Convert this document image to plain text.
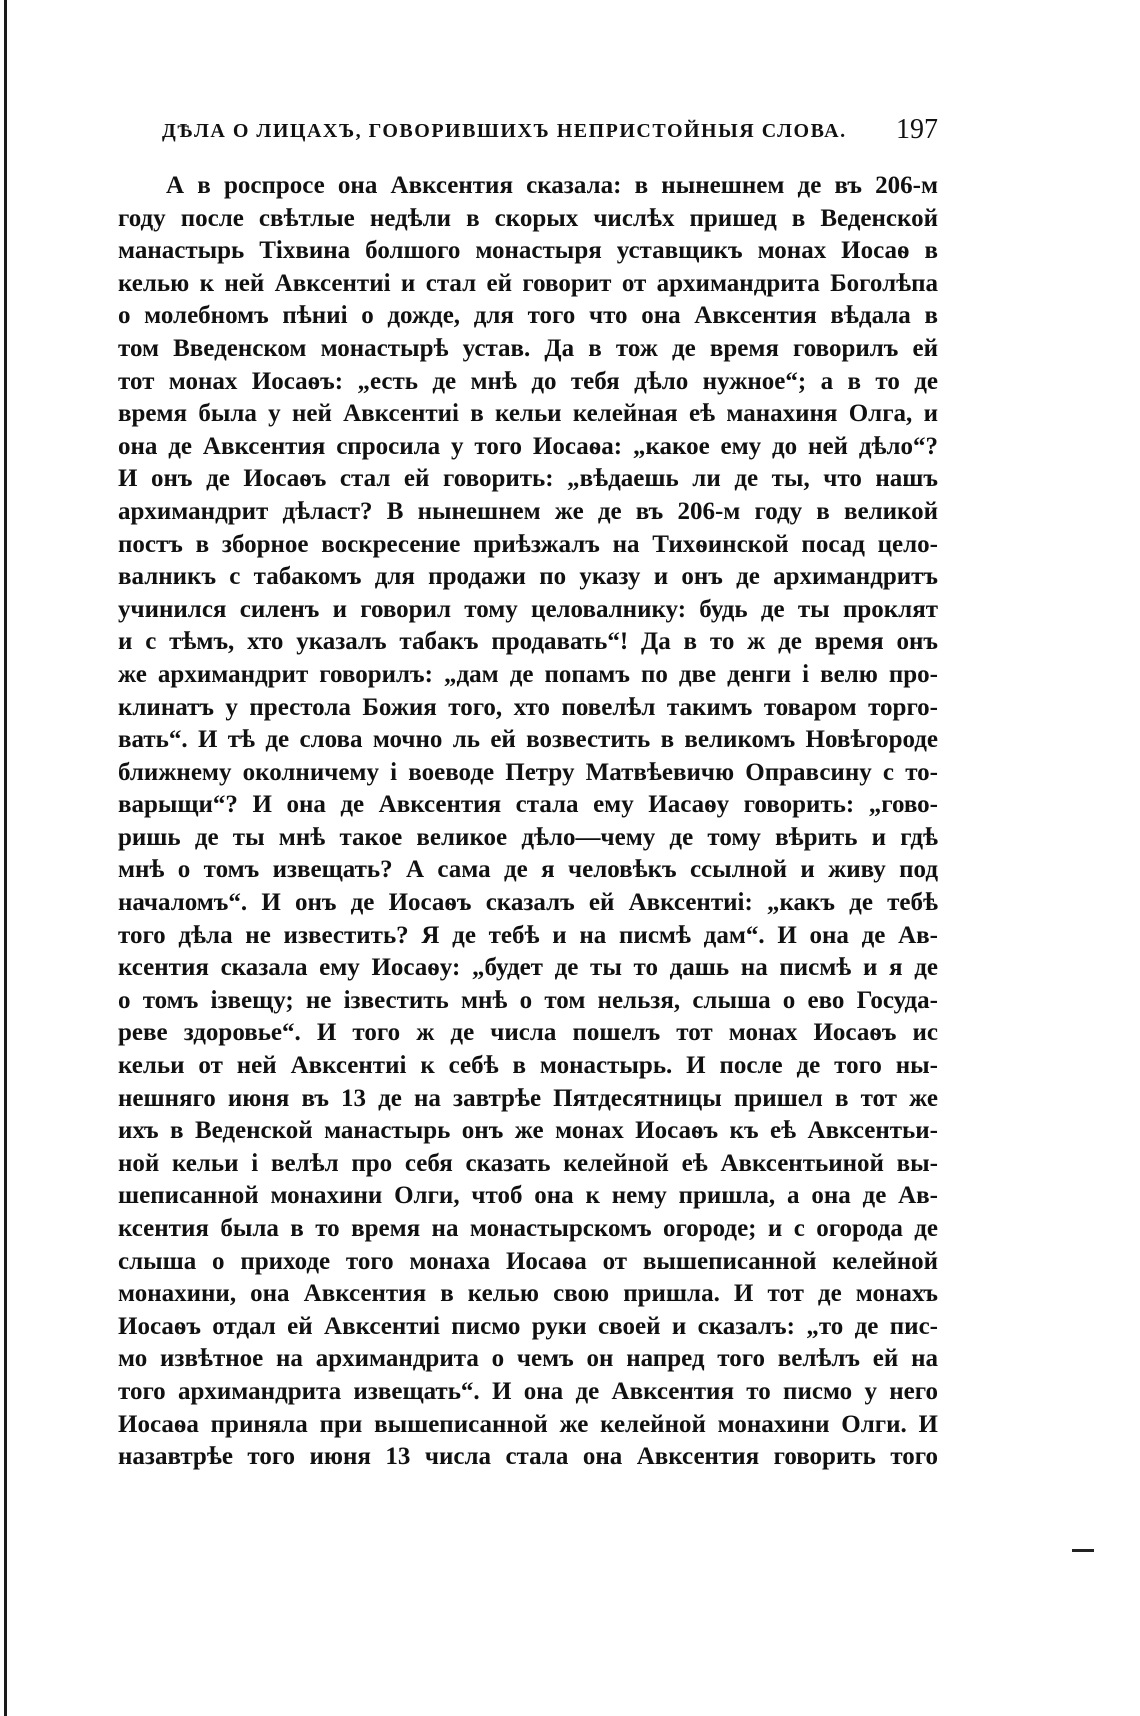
ДѢЛА О ЛИЦАХЪ, ГОВОРИВШИХЪ НЕПРИСТОЙНЫЯ СЛОВА. 197
А в роспросе она Авксентия сказала: в нынешнем де въ 206-м
году после свѣтлые недѣли в скорых числѣх пришед в Веденской
манастырь Тіхвина болшого монастыря уставщикъ монах Иосаѳ в
келью к ней Авксентиі и стал ей говорит от архимандрита Боголѣпа
о молебномъ пѣниі о дожде, для того что она Авксентия вѣдала в
том Введенском монастырѣ устав. Да в тож де время говорилъ ей
тот монах Иосаѳъ: „есть де мнѣ до тебя дѣло нужное“; а в то де
время была у ней Авксентиі в кельи келейная еѣ манахиня Олга, и
она де Авксентия спросила у того Иосаѳа: „какое ему до ней дѣло“?
И онъ де Иосаѳъ стал ей говорить: „вѣдаешь ли де ты, что нашъ
архимандрит дѣласт? В нынешнем же де въ 206-м году в великой
постъ в зборное воскресение приѣзжалъ на Тихѳинской посад цело-
валникъ с табакомъ для продажи по указу и онъ де архимандритъ
учинился силенъ и говорил тому целовалнику: будь де ты проклят
и с тѣмъ, хто указалъ табакъ продавать“! Да в то ж де время онъ
же архимандрит говорилъ: „дам де попамъ по две денги і велю про-
клинатъ у престола Божия того, хто повелѣл такимъ товаром торго-
вать“. И тѣ де слова мочно ль ей возвестить в великомъ Новѣгороде
ближнему околничему і воеводе Петру Матвѣевичю Оправсину с то-
варыщи“? И она де Авксентия стала ему Иасаѳу говорить: „гово-
ришь де ты мнѣ такое великое дѣло—чему де тому вѣрить и гдѣ
мнѣ о томъ извещать? А сама де я человѣкъ ссылной и живу под
началомъ“. И онъ де Иосаѳъ сказалъ ей Авксентиі: „какъ де тебѣ
того дѣла не известить? Я де тебѣ и на писмѣ дам“. И она де Ав-
ксентия сказала ему Иосаѳу: „будет де ты то дашь на писмѣ и я де
о томъ ізвещу; не ізвестить мнѣ о том нельзя, слыша о ево Госуда-
реве здоровье“. И того ж де числа пошелъ тот монах Иосаѳъ ис
кельи от ней Авксентиі к себѣ в монастырь. И после де того ны-
нешняго июня въ 13 де на завтрѣе Пятдесятницы пришел в тот же
ихъ в Веденской манастырь онъ же монах Иосаѳъ къ еѣ Авксентьи-
ной кельи і велѣл про себя сказать келейной еѣ Авксентьиной вы-
шеписанной монахини Олги, чтоб она к нему пришла, а она де Ав-
ксентия была в то время на монастырскомъ огороде; и с огорода де
слыша о приходе того монаха Иосаѳа от вышеписанной келейной
монахини, она Авксентия в келью свою пришла. И тот де монахъ
Иосаѳъ отдал ей Авксентиі писмо руки своей и сказалъ: „то де пис-
мо извѣтное на архимандрита о чемъ он напред того велѣлъ ей на
того архимандрита извещать“. И она де Авксентия то писмо у него
Иосаѳа приняла при вышеписанной же келейной монахини Олги. И
назавтрѣе того июня 13 числа стала она Авксентия говорить того
